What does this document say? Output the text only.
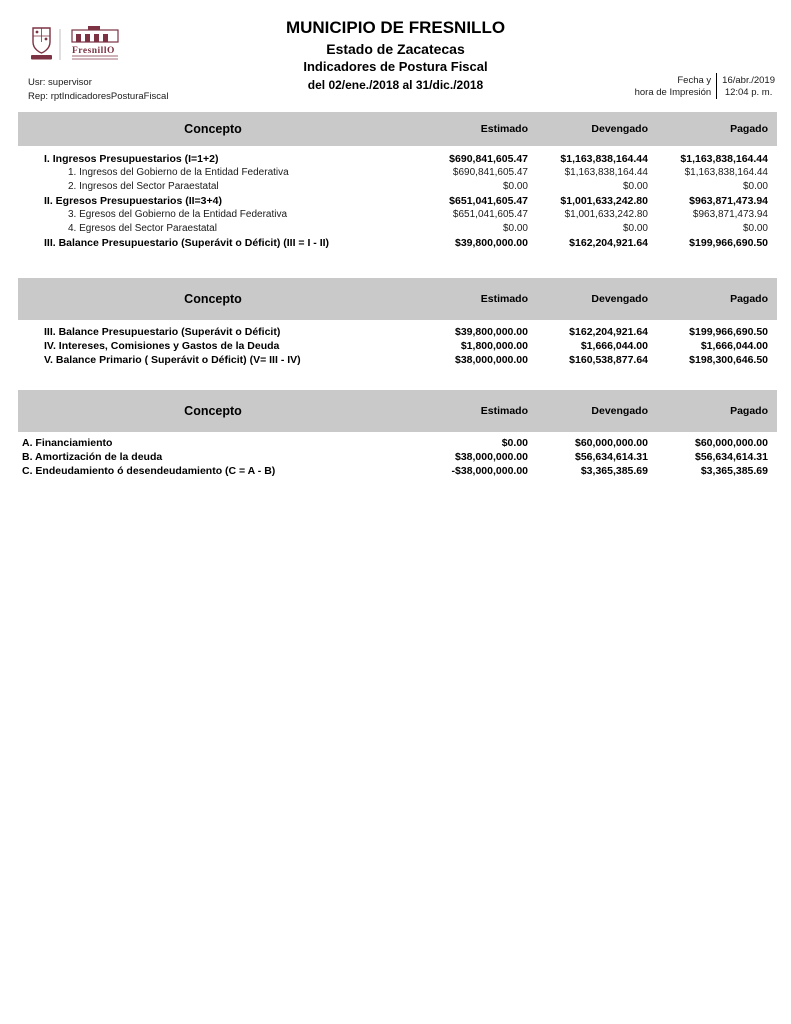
FresnillO
MUNICIPIO DE FRESNILLO
Estado de Zacatecas
Indicadores de Postura Fiscal
del 02/ene./2018 al 31/dic./2018
Usr: supervisor
Rep: rptIndicadoresPosturaFiscal
Fecha y
hora de Impresión
16/abr./2019
12:04 p. m.
Concepto	Estimado	Devengado	Pagado
I. Ingresos Presupuestarios (I=1+2)	$690,841,605.47	$1,163,838,164.44	$1,163,838,164.44
1. Ingresos del Gobierno de la Entidad Federativa	$690,841,605.47	$1,163,838,164.44	$1,163,838,164.44
2. Ingresos del Sector Paraestatal	$0.00	$0.00	$0.00
II. Egresos Presupuestarios (II=3+4)	$651,041,605.47	$1,001,633,242.80	$963,871,473.94
3. Egresos del Gobierno de la Entidad Federativa	$651,041,605.47	$1,001,633,242.80	$963,871,473.94
4. Egresos del Sector Paraestatal	$0.00	$0.00	$0.00
III. Balance Presupuestario (Superávit o Déficit) (III = I - II)	$39,800,000.00	$162,204,921.64	$199,966,690.50
Concepto	Estimado	Devengado	Pagado
III. Balance Presupuestario (Superávit o Déficit)	$39,800,000.00	$162,204,921.64	$199,966,690.50
IV. Intereses, Comisiones y Gastos de la Deuda	$1,800,000.00	$1,666,044.00	$1,666,044.00
V. Balance Primario ( Superávit o Déficit) (V= III - IV)	$38,000,000.00	$160,538,877.64	$198,300,646.50
Concepto	Estimado	Devengado	Pagado
A. Financiamiento	$0.00	$60,000,000.00	$60,000,000.00
B. Amortización de la deuda	$38,000,000.00	$56,634,614.31	$56,634,614.31
C. Endeudamiento ó desendeudamiento (C = A - B)	-$38,000,000.00	$3,365,385.69	$3,365,385.69
